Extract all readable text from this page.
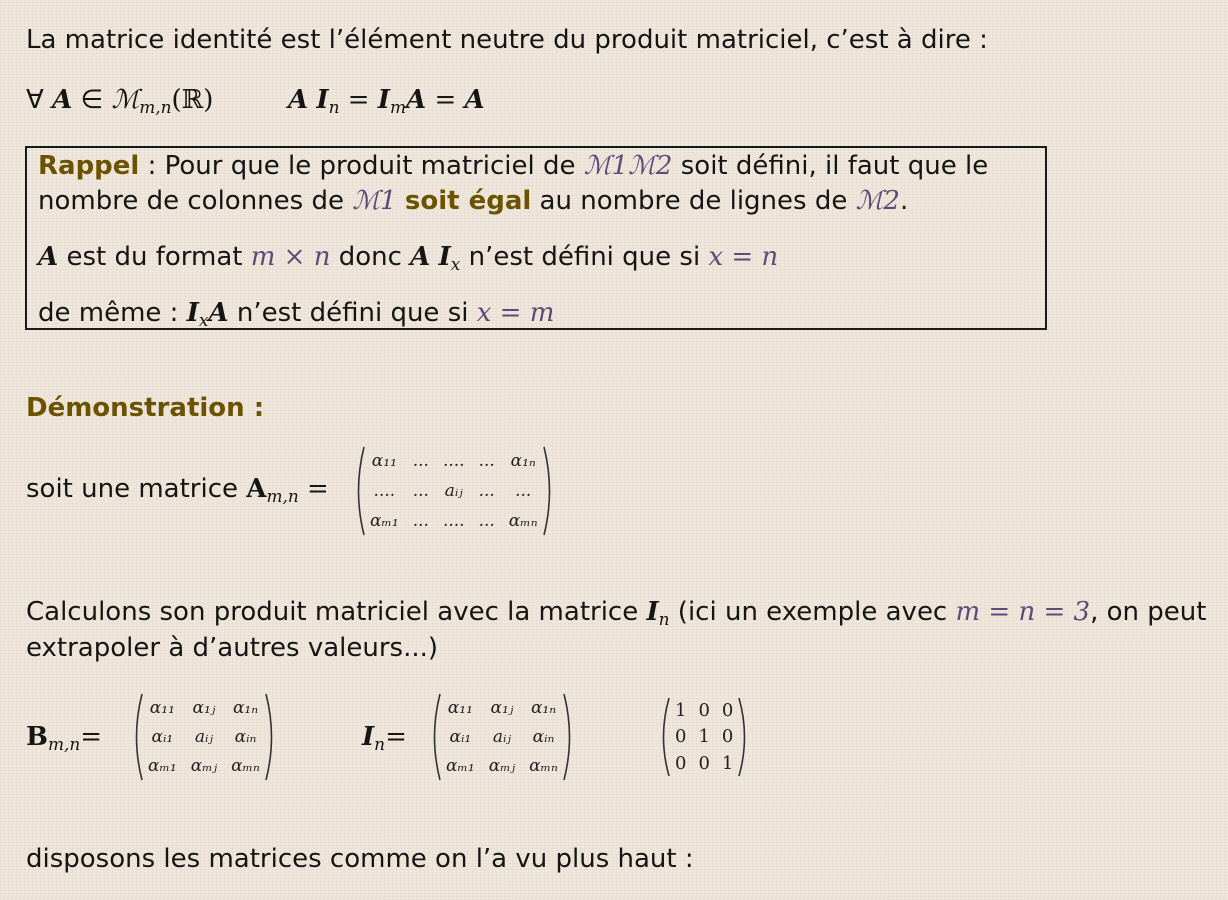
La matrice identité est l’élément neutre du produit matriciel, c’est à dire :
∀ A ∈ ℳ$_{m,n}$(ℝ)	A $I_n = I_mA = A$
Rappel : Pour que le produit matriciel de ℳ1ℳ2 soit défini, il faut que le
nombre de colonnes de ℳ1 soit égal au nombre de lignes de ℳ2.
A est du format m × n donc A $I_x$ n’est défini que si x = n
de même : $I_xA$ n’est défini que si x = m
Démonstration :
soit une matrice $A_{m,n}$ =
α₁₁ ... .... ... α₁ₙ
.... ... aᵢⱼ ...	...
αₘ₁ ... .... ... αₘₙ
Calculons son produit matriciel avec la matrice $I_n$ (ici un exemple avec m = n = 3, on peut
extrapoler à d’autres valeurs...)
$B_{m,n}=$
α₁₁ α₁ⱼ α₁ₙ
αᵢ₁ aᵢⱼ αᵢₙ
αₘ₁ αₘⱼ αₘₙ
$I_n=$
α₁₁ α₁ⱼ α₁ₙ
αᵢ₁ aᵢⱼ αᵢₙ
αₘ₁ αₘⱼ αₘₙ
1 0 0
0 1 0
0 0 1
disposons les matrices comme on l’a vu plus haut :
